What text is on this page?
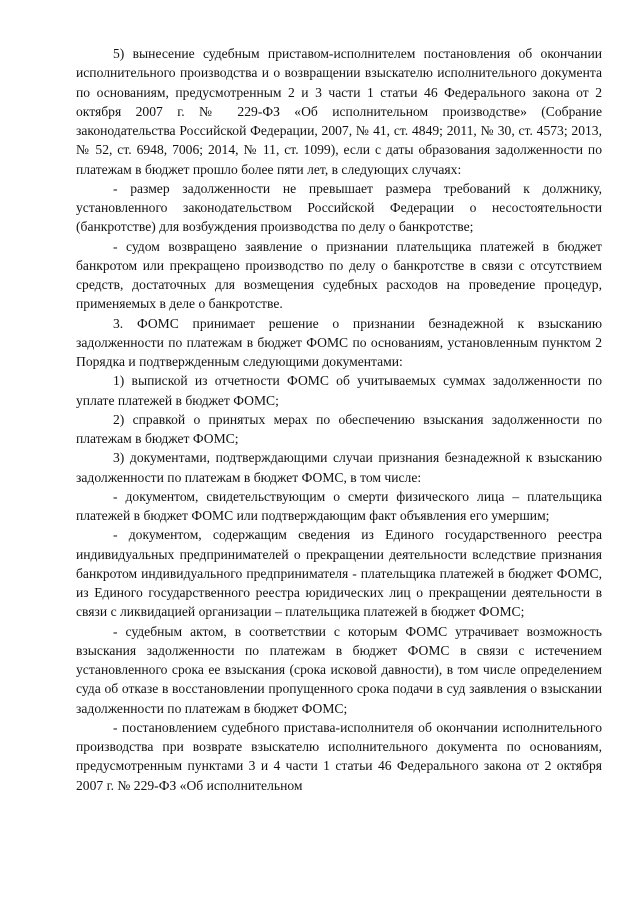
5) вынесение судебным приставом-исполнителем постановления об окончании исполнительного производства и о возвращении взыскателю исполнительного документа по основаниям, предусмотренным 2 и 3 части 1 статьи 46 Федерального закона от 2 октября 2007 г. № 229-ФЗ «Об исполнительном производстве» (Собрание законодательства Российской Федерации, 2007, № 41, ст. 4849; 2011, № 30, ст. 4573; 2013, № 52, ст. 6948, 7006; 2014, № 11, ст. 1099), если с даты образования задолженности по платежам в бюджет прошло более пяти лет, в следующих случаях:

- размер задолженности не превышает размера требований к должнику, установленного законодательством Российской Федерации о несостоятельности (банкротстве) для возбуждения производства по делу о банкротстве;

- судом возвращено заявление о признании плательщика платежей в бюджет банкротом или прекращено производство по делу о банкротстве в связи с отсутствием средств, достаточных для возмещения судебных расходов на проведение процедур, применяемых в деле о банкротстве.

3. ФОМС принимает решение о признании безнадежной к взысканию задолженности по платежам в бюджет ФОМС по основаниям, установленным пунктом 2 Порядка и подтвержденным следующими документами:

1) выпиской из отчетности ФОМС об учитываемых суммах задолженности по уплате платежей в бюджет ФОМС;

2) справкой о принятых мерах по обеспечению взыскания задолженности по платежам в бюджет ФОМС;

3) документами, подтверждающими случаи признания безнадежной к взысканию задолженности по платежам в бюджет ФОМС, в том числе:

- документом, свидетельствующим о смерти физического лица – плательщика платежей в бюджет ФОМС или подтверждающим факт объявления его умершим;

- документом, содержащим сведения из Единого государственного реестра индивидуальных предпринимателей о прекращении деятельности вследствие признания банкротом индивидуального предпринимателя - плательщика платежей в бюджет ФОМС, из Единого государственного реестра юридических лиц о прекращении деятельности в связи с ликвидацией организации – плательщика платежей в бюджет ФОМС;

- судебным актом, в соответствии с которым ФОМС утрачивает возможность взыскания задолженности по платежам в бюджет ФОМС в связи с истечением установленного срока ее взыскания (срока исковой давности), в том числе определением суда об отказе в восстановлении пропущенного срока подачи в суд заявления о взыскании задолженности по платежам в бюджет ФОМС;

- постановлением судебного пристава-исполнителя об окончании исполнительного производства при возврате взыскателю исполнительного документа по основаниям, предусмотренным пунктами 3 и 4 части 1 статьи 46 Федерального закона от 2 октября 2007 г. № 229-ФЗ «Об исполнительном
